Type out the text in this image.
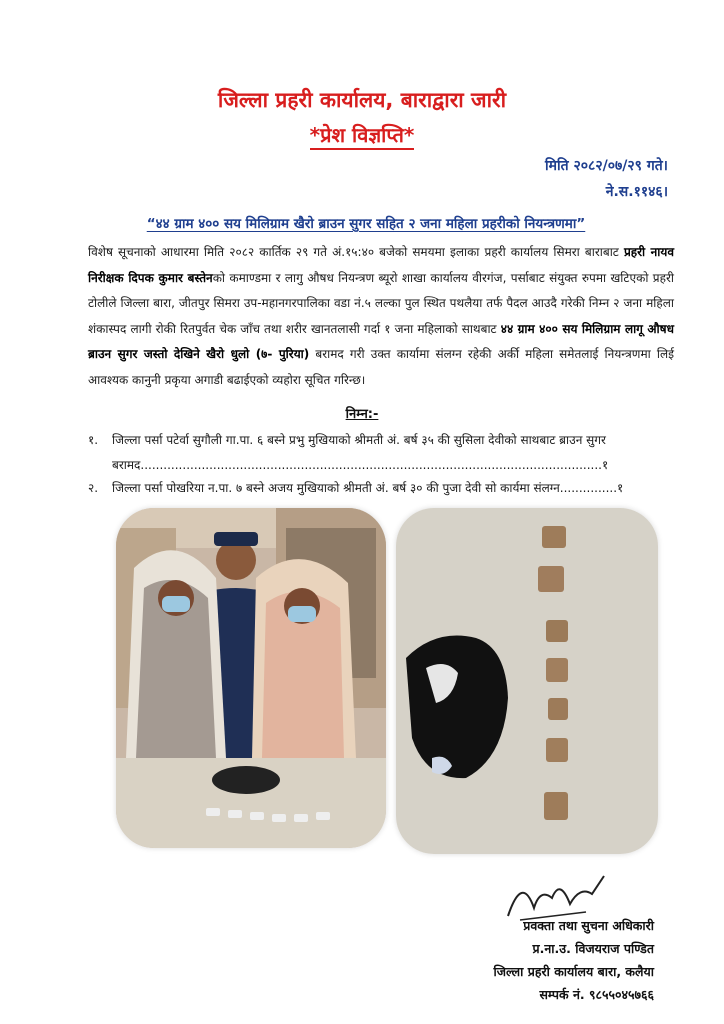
जिल्ला प्रहरी कार्यालय, बाराद्वारा जारी
*प्रेश विज्ञप्ति*
मिति २०८२/०७/२९ गते।
ने.स.११४६।
“४४ ग्राम ४०० सय मिलिग्राम खैरो ब्राउन सुगर सहित २ जना महिला प्रहरीको नियन्त्रणमा”
विशेष सूचनाको आधारमा मिति २०८२ कार्तिक २९ गते अं.१५:४० बजेको समयमा इलाका प्रहरी कार्यालय सिमरा बाराबाट प्रहरी नायव निरीक्षक दिपक कुमार बस्तेनको कमाण्डमा र लागु औषध नियन्त्रण ब्यूरो शाखा कार्यालय वीरगंज, पर्साबाट संयुक्त रुपमा खटिएको प्रहरी टोलीले जिल्ला बारा, जीतपुर सिमरा उप-महानगरपालिका वडा नं.५ लल्का पुल स्थित पथलैया तर्फ पैदल आउदै गरेकी निम्न २ जना महिला शंकास्पद लागी रोकी रितपुर्वत चेक जाँच तथा शरीर खानतलासी गर्दा १ जना महिलाको साथबाट ४४ ग्राम ४०० सय मिलिग्राम लागू औषध ब्राउन सुगर जस्तो देखिने खैरो धुलो (७- पुरिया) बरामद गरी उक्त कार्यामा संलग्न रहेकी अर्की महिला समेतलाई नियन्त्रणमा लिई आवश्यक कानुनी प्रकृया अगाडी बढाईएको व्यहोरा सूचित गरिन्छ।
निम्न:-
१.	जिल्ला पर्सा पटेर्वा सुगौली गा.पा. ६ बस्ने प्रभु मुखियाको श्रीमती अं. बर्ष ३५ की सुसिला देवीको साथबाट ब्राउन सुगर बरामद.........................................................................................................................१
२.	जिल्ला पर्सा पोखरिया न.पा. ७ बस्ने अजय मुखियाको श्रीमती अं. बर्ष ३० की पुजा देवी सो कार्यमा संलग्न...............१
प्रवक्ता तथा सुचना अधिकारी
प्र.ना.उ. विजयराज पण्डित
जिल्ला प्रहरी कार्यालय बारा, कलैया
सम्पर्क नं. ९८५५०४५७६६
